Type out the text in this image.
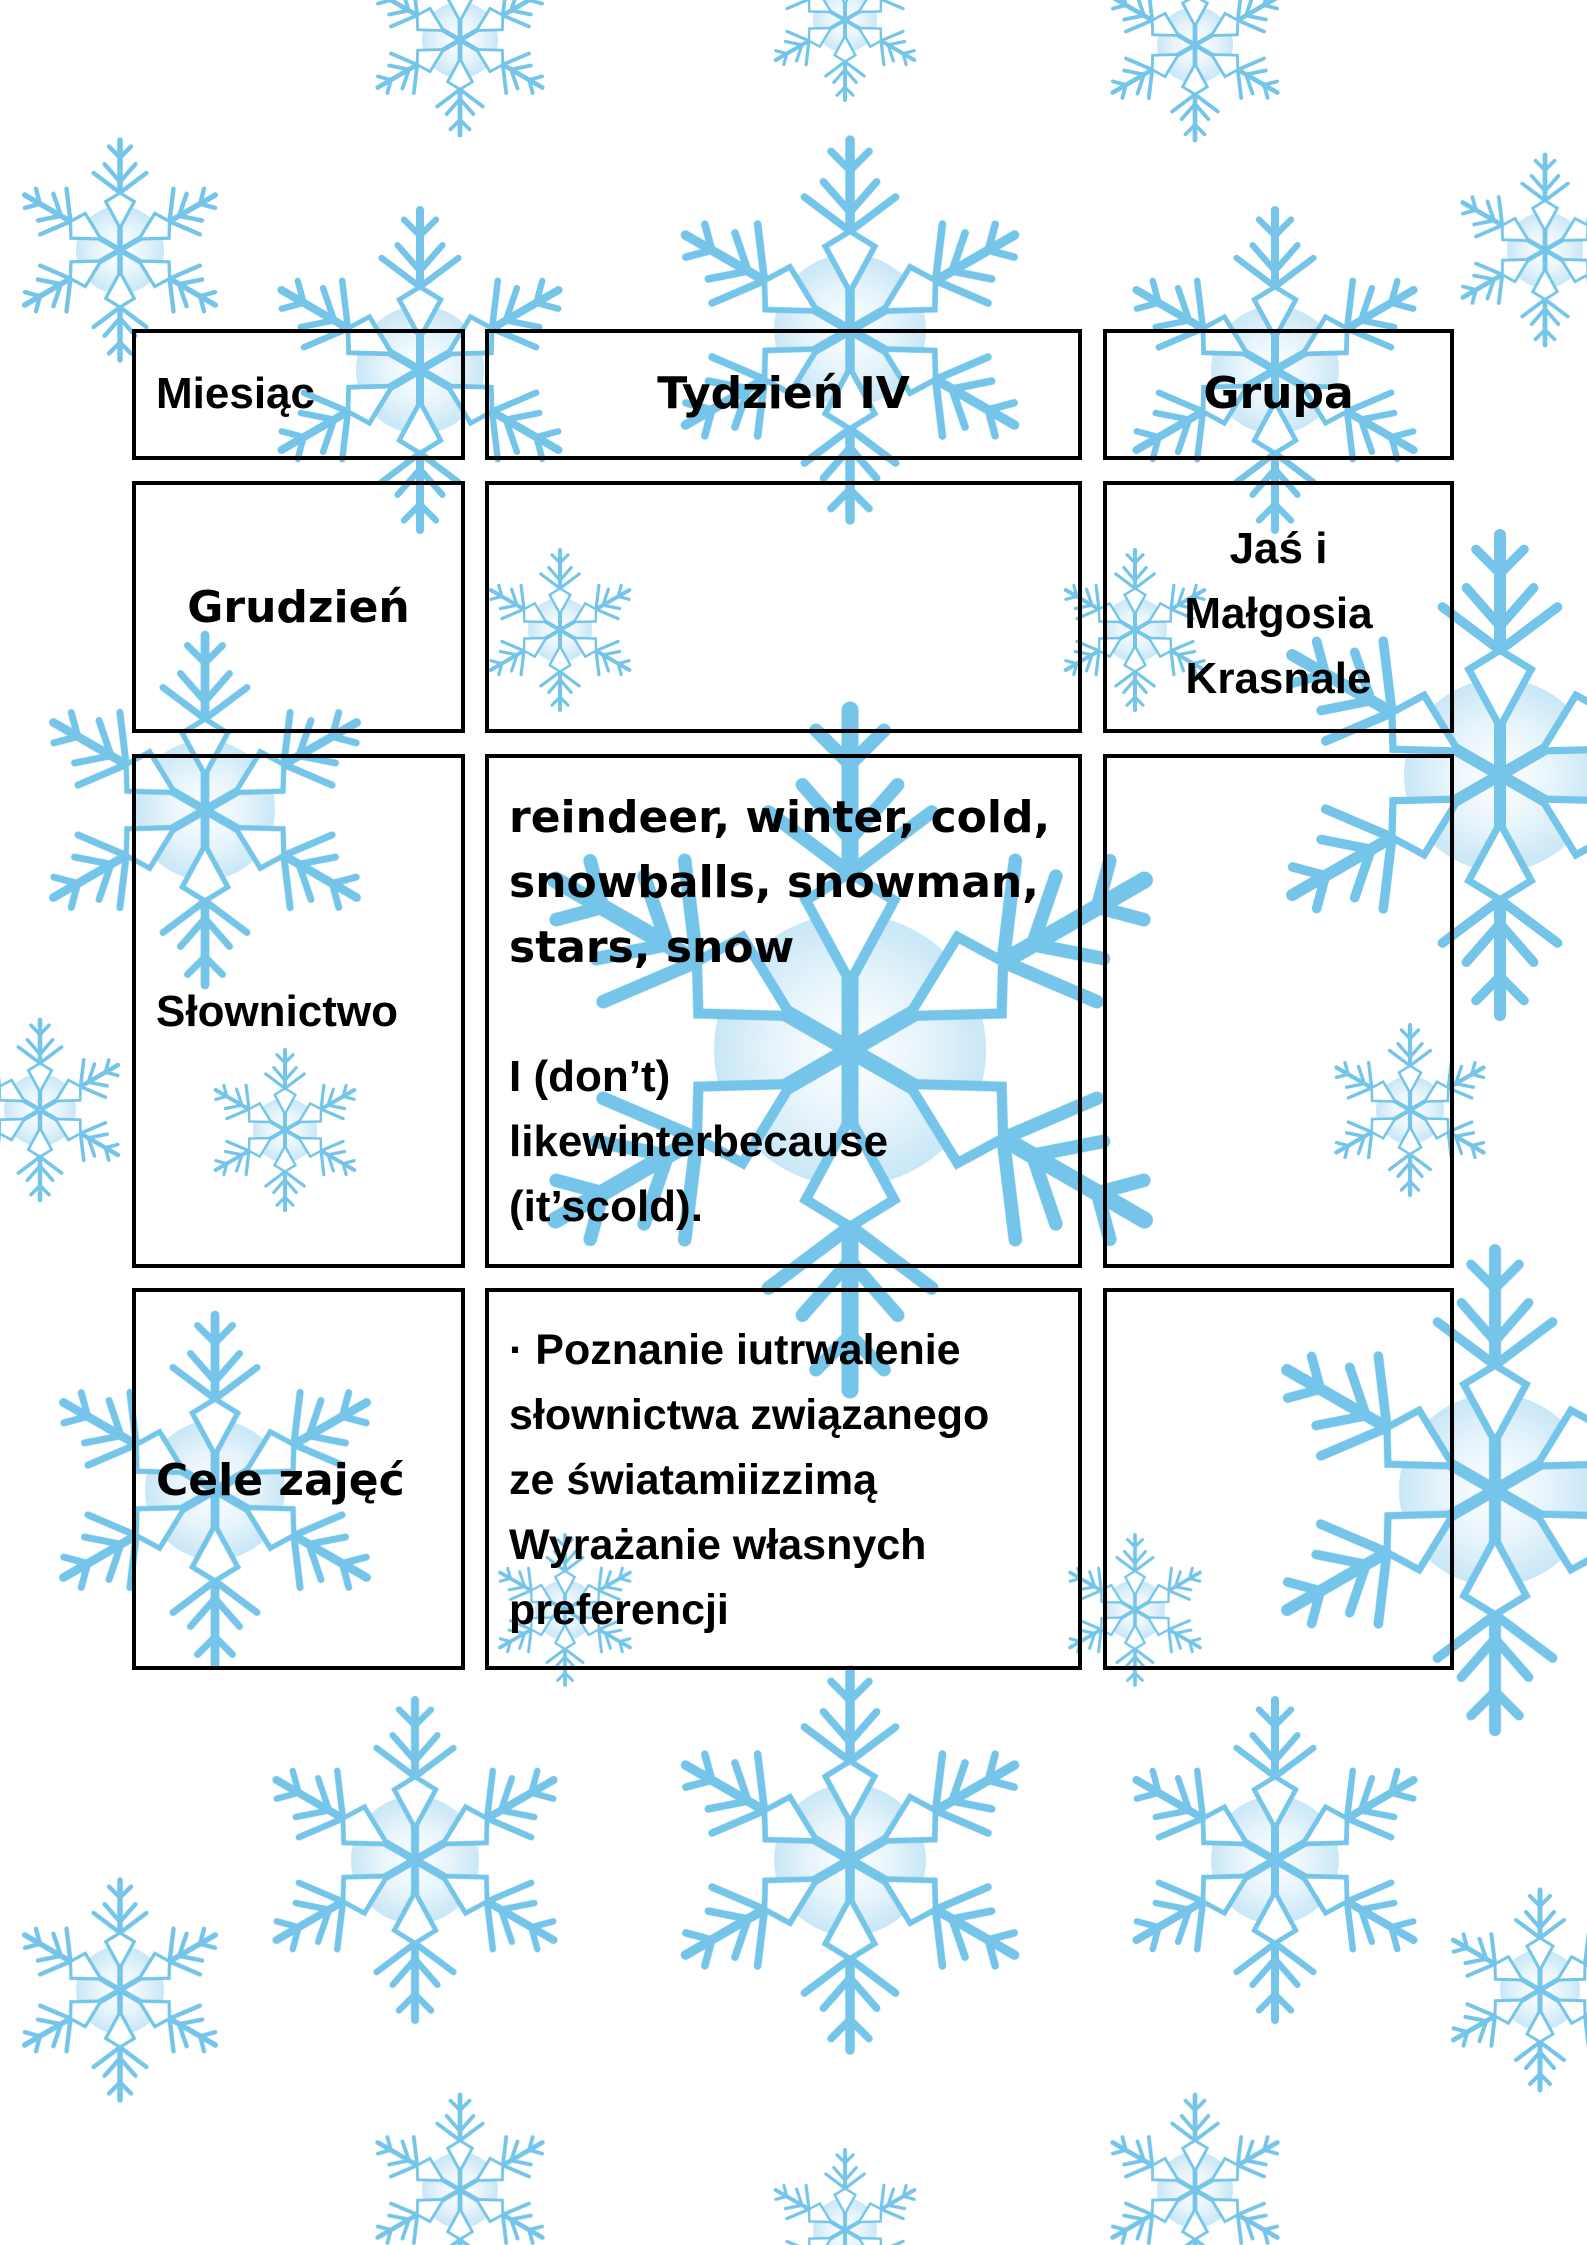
Miesiąc	Tydzień IV	Grupa
Grudzień
Jaś i
Małgosia
Krasnale
Słownictwo
reindeer, winter, cold,
snowballs, snowman,
stars, snow
I (don’t)
likewinterbecause
(it’scold).
Cele zajęć
· Poznanie iutrwalenie
słownictwa związanego
ze światamiizzimą
Wyrażanie własnych
preferencji
